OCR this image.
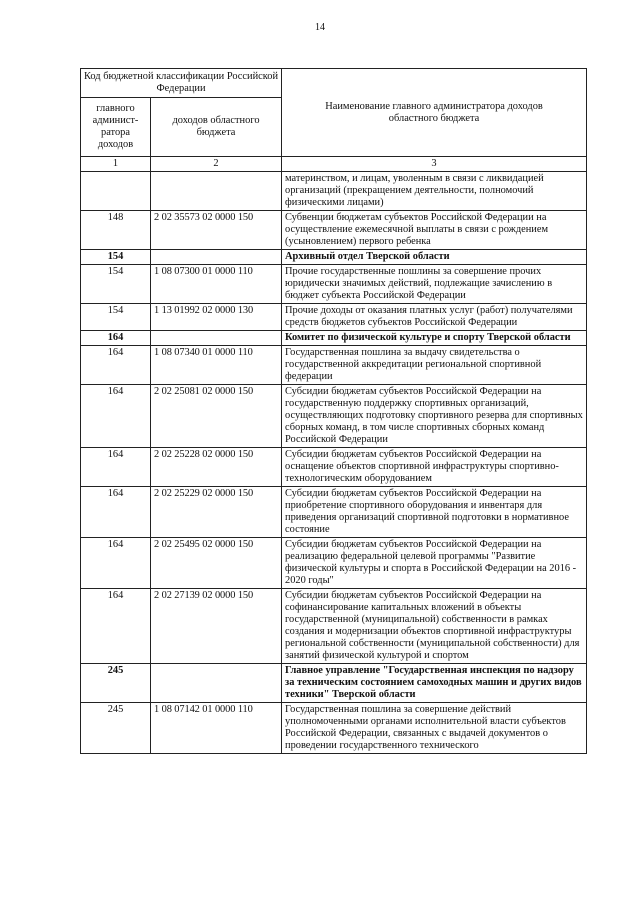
14
Код бюджетной классификации Российской Федерации		Наименование главного администратора доходов областного бюджета
главного админист-ратора доходов	доходов областного бюджета	
1	2	3
		материнством, и лицам, уволенным в связи с ликвидацией организаций (прекращением деятельности, полномочий физическими лицами)
148	2 02 35573 02 0000 150	Субвенции бюджетам субъектов Российской Федерации на осуществление ежемесячной выплаты в связи с рождением (усыновлением) первого ребенка
154		Архивный отдел Тверской области
154	1 08 07300 01 0000 110	Прочие государственные пошлины за совершение прочих юридически значимых действий, подлежащие зачислению в бюджет субъекта Российской Федерации
154	1 13 01992 02 0000 130	Прочие доходы от оказания платных услуг (работ) получателями средств бюджетов субъектов Российской Федерации
164		Комитет по физической культуре и спорту Тверской области
164	1 08 07340 01 0000 110	Государственная пошлина за выдачу свидетельства о государственной аккредитации региональной спортивной федерации
164	2 02 25081 02 0000 150	Субсидии бюджетам субъектов Российской Федерации на государственную поддержку спортивных организаций, осуществляющих подготовку спортивного резерва для спортивных сборных команд, в том числе спортивных сборных команд Российской Федерации
164	2 02 25228 02 0000 150	Субсидии бюджетам субъектов Российской Федерации на оснащение объектов спортивной инфраструктуры спортивно-технологическим оборудованием
164	2 02 25229 02 0000 150	Субсидии бюджетам субъектов Российской Федерации на приобретение спортивного оборудования и инвентаря для приведения организаций спортивной подготовки в нормативное состояние
164	2 02 25495 02 0000 150	Субсидии бюджетам субъектов Российской Федерации на реализацию федеральной целевой программы "Развитие физической культуры и спорта в Российской Федерации на 2016 - 2020 годы"
164	2 02 27139 02 0000 150	Субсидии бюджетам субъектов Российской Федерации на софинансирование капитальных вложений в объекты государственной (муниципальной) собственности в рамках создания и модернизации объектов спортивной инфраструктуры региональной собственности (муниципальной собственности) для занятий физической культурой и спортом
245		Главное управление "Государственная инспекция по надзору за техническим состоянием самоходных машин и других видов техники" Тверской области
245	1 08 07142 01 0000 110	Государственная пошлина за совершение действий уполномоченными органами исполнительной власти субъектов Российской Федерации, связанных с выдачей документов о проведении государственного технического
